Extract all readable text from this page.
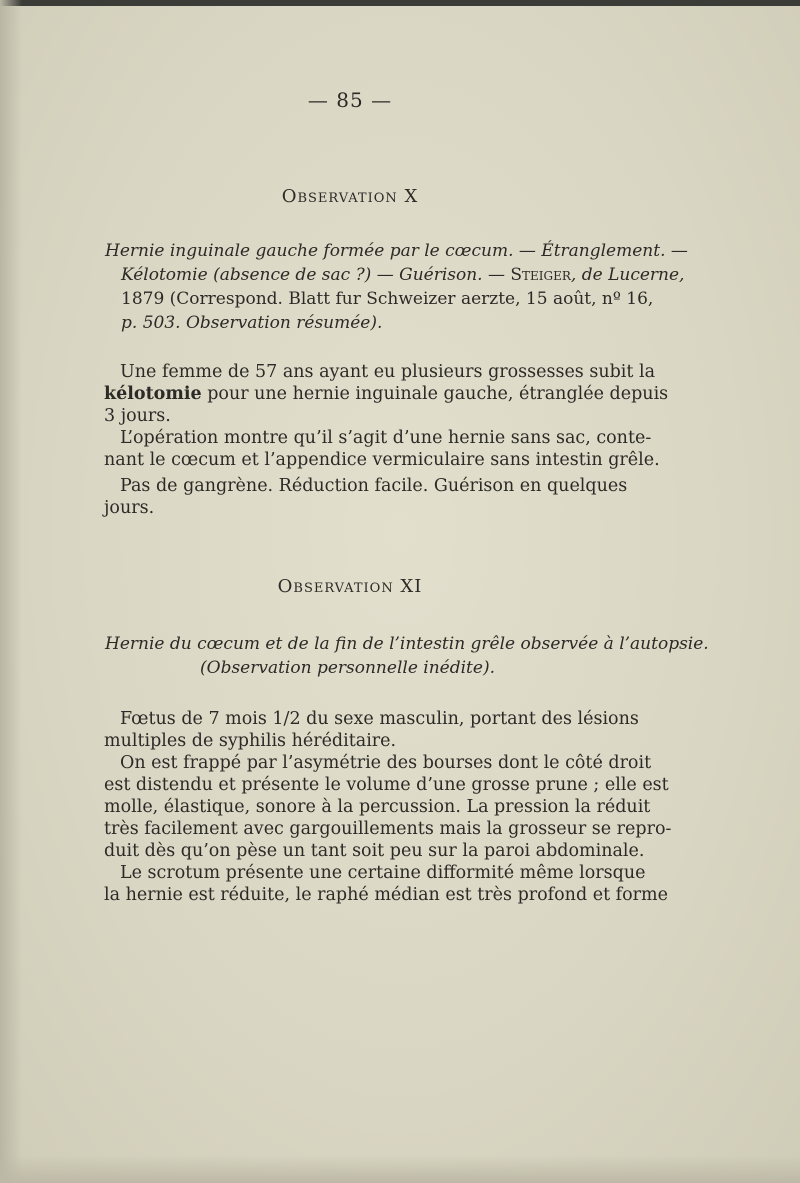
— 85 —
Observation X
Hernie inguinale gauche formée par le cœcum. — Étranglement. —
Kélotomie (absence de sac ?) — Guérison. — Steiger, de Lucerne,
1879 (Correspond. Blatt fur Schweizer aerzte, 15 août, nº 16,
p. 503. Observation résumée).
Une femme de 57 ans ayant eu plusieurs grossesses subit la
kélotomie pour une hernie inguinale gauche, étranglée depuis
3 jours.
L’opération montre qu’il s’agit d’une hernie sans sac, conte-
nant le cœcum et l’appendice vermiculaire sans intestin grêle.
Pas de gangrène. Réduction facile. Guérison en quelques
jours.
Observation XI
Hernie du cœcum et de la fin de l’intestin grêle observée à l’autopsie.
(Observation personnelle inédite).
Fœtus de 7 mois 1/2 du sexe masculin, portant des lésions
multiples de syphilis héréditaire.
On est frappé par l’asymétrie des bourses dont le côté droit
est distendu et présente le volume d’une grosse prune ; elle est
molle, élastique, sonore à la percussion. La pression la réduit
très facilement avec gargouillements mais la grosseur se repro-
duit dès qu’on pèse un tant soit peu sur la paroi abdominale.
Le scrotum présente une certaine difformité même lorsque
la hernie est réduite, le raphé médian est très profond et forme
